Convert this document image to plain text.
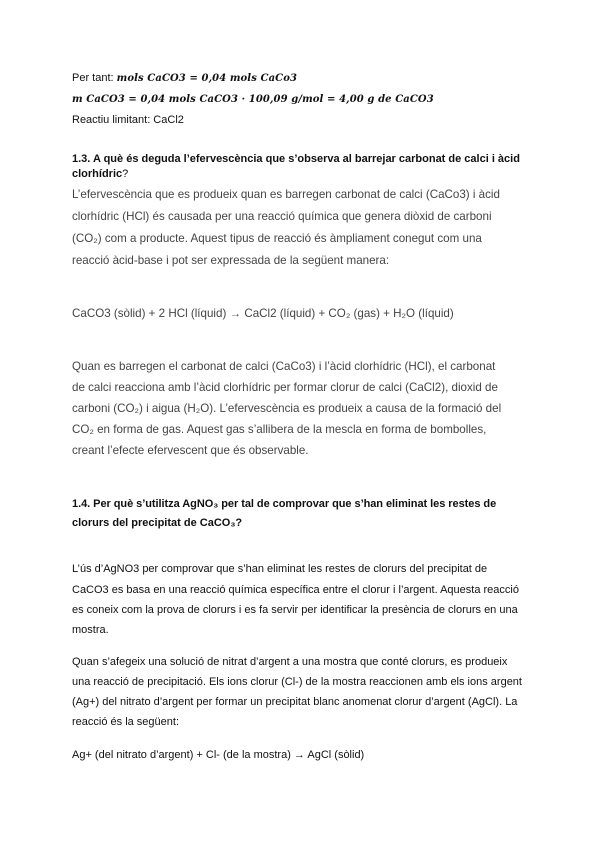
Per tant: mols CaCO3 = 0,04 mols CaCo3
m CaCO3 = 0,04 mols CaCO3 · 100,09 g/mol = 4,00 g de CaCO3
Reactiu limitant: CaCl2
1.3. A què és deguda l’efervescència que s’observa al barrejar carbonat de calci i àcid
clorhídric?
L’efervescència que es produeix quan es barregen carbonat de calci (CaCo3) i àcid
clorhídric (HCl) és causada per una reacció química que genera diòxid de carboni
(CO₂) com a producte. Aquest tipus de reacció és àmpliament conegut com una
reacció àcid-base i pot ser expressada de la següent manera:
CaCO3 (sòlid) + 2 HCl (líquid) → CaCl2 (líquid) + CO₂ (gas) + H₂O (líquid)
Quan es barregen el carbonat de calci (CaCo3) i l’àcid clorhídric (HCl), el carbonat
de calci reacciona amb l’àcid clorhídric per formar clorur de calci (CaCl2), dioxid de
carboni (CO₂) i aigua (H₂O). L’efervescència es produeix a causa de la formació del
CO₂ en forma de gas. Aquest gas s’allibera de la mescla en forma de bombolles,
creant l’efecte efervescent que és observable.
1.4. Per què s’utilitza AgNO₃ per tal de comprovar que s’han eliminat les restes de
clorurs del precipitat de CaCO₃?
L’ús d’AgNO3 per comprovar que s’han eliminat les restes de clorurs del precipitat de
CaCO3 es basa en una reacció química específica entre el clorur i l’argent. Aquesta reacció
es coneix com la prova de clorurs i es fa servir per identificar la presència de clorurs en una
mostra.
Quan s’afegeix una solució de nitrat d’argent a una mostra que conté clorurs, es produeix
una reacció de precipitació. Els ions clorur (Cl-) de la mostra reaccionen amb els ions argent
(Ag+) del nitrato d’argent per formar un precipitat blanc anomenat clorur d’argent (AgCl). La
reacció és la següent:
Ag+ (del nitrato d’argent) + Cl- (de la mostra) → AgCl (sòlid)
